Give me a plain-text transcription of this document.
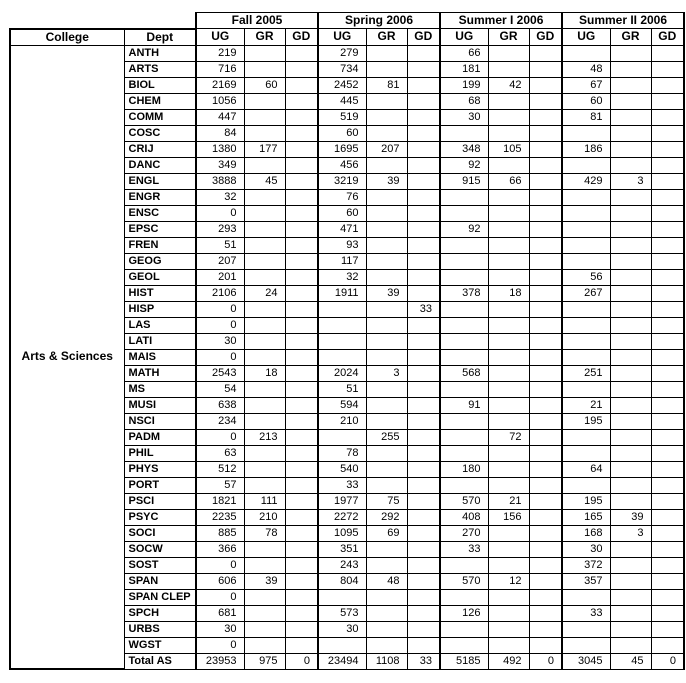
		Fall 2005			Spring 2006			Summer I 2006			Summer II 2006		
College	Dept	UG	GR	GD	UG	GR	GD	UG	GR	GD	UG	GR	GD
Arts & Sciences	ANTH	219			279			66					
	ARTS	716			734			181			48		
	BIOL	2169	60		2452	81		199	42		67		
	CHEM	1056			445			68			60		
	COMM	447			519			30			81		
	COSC	84			60								
	CRIJ	1380	177		1695	207		348	105		186		
	DANC	349			456			92					
	ENGL	3888	45		3219	39		915	66		429	3	
	ENGR	32			76								
	ENSC	0			60								
	EPSC	293			471			92					
	FREN	51			93								
	GEOG	207			117								
	GEOL	201			32						56		
	HIST	2106	24		1911	39		378	18		267		
	HISP	0					33						
	LAS	0											
	LATI	30											
	MAIS	0											
	MATH	2543	18		2024	3		568			251		
	MS	54			51								
	MUSI	638			594			91			21		
	NSCI	234			210						195		
	PADM	0	213			255			72				
	PHIL	63			78								
	PHYS	512			540			180			64		
	PORT	57			33								
	PSCI	1821	111		1977	75		570	21		195		
	PSYC	2235	210		2272	292		408	156		165	39	
	SOCI	885	78		1095	69		270			168	3	
	SOCW	366			351			33			30		
	SOST	0			243						372		
	SPAN	606	39		804	48		570	12		357		
	SPAN CLEP	0											
	SPCH	681			573			126			33		
	URBS	30			30								
	WGST	0											
	Total AS	23953	975	0	23494	1108	33	5185	492	0	3045	45	0
